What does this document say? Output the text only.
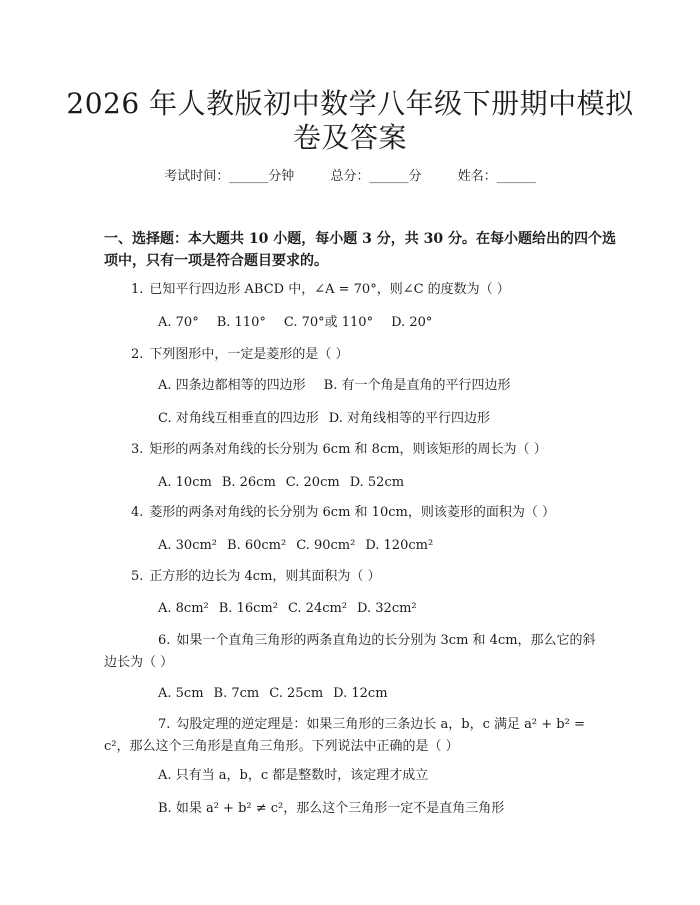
2026 年人教版初中数学八年级下册期中模拟
卷及答案
考试时间：______分钟	总分：______分	姓名：______
一、选择题：本大题共 10 小题，每小题 3 分，共 30 分。在每小题给出的四个选项中，只有一项是符合题目要求的。
1. 已知平行四边形 ABCD 中，∠A = 70°，则∠C 的度数为（ ）
A. 70° B. 110° C. 70°或 110° D. 20°
2. 下列图形中，一定是菱形的是（ ）
A. 四条边都相等的四边形 B. 有一个角是直角的平行四边形
C. 对角线互相垂直的四边形 D. 对角线相等的平行四边形
3. 矩形的两条对角线的长分别为 6cm 和 8cm，则该矩形的周长为（ ）
A. 10cm B. 26cm C. 20cm D. 52cm
4. 菱形的两条对角线的长分别为 6cm 和 10cm，则该菱形的面积为（ ）
A. 30cm² B. 60cm² C. 90cm² D. 120cm²
5. 正方形的边长为 4cm，则其面积为（ ）
A. 8cm² B. 16cm² C. 24cm² D. 32cm²
6. 如果一个直角三角形的两条直角边的长分别为 3cm 和 4cm，那么它的斜边长为（ ）
A. 5cm B. 7cm C. 25cm D. 12cm
7. 勾股定理的逆定理是：如果三角形的三条边长 a，b，c 满足 a² + b² = c²，那么这个三角形是直角三角形。下列说法中正确的是（ ）
A. 只有当 a，b，c 都是整数时，该定理才成立
B. 如果 a² + b² ≠ c²，那么这个三角形一定不是直角三角形
